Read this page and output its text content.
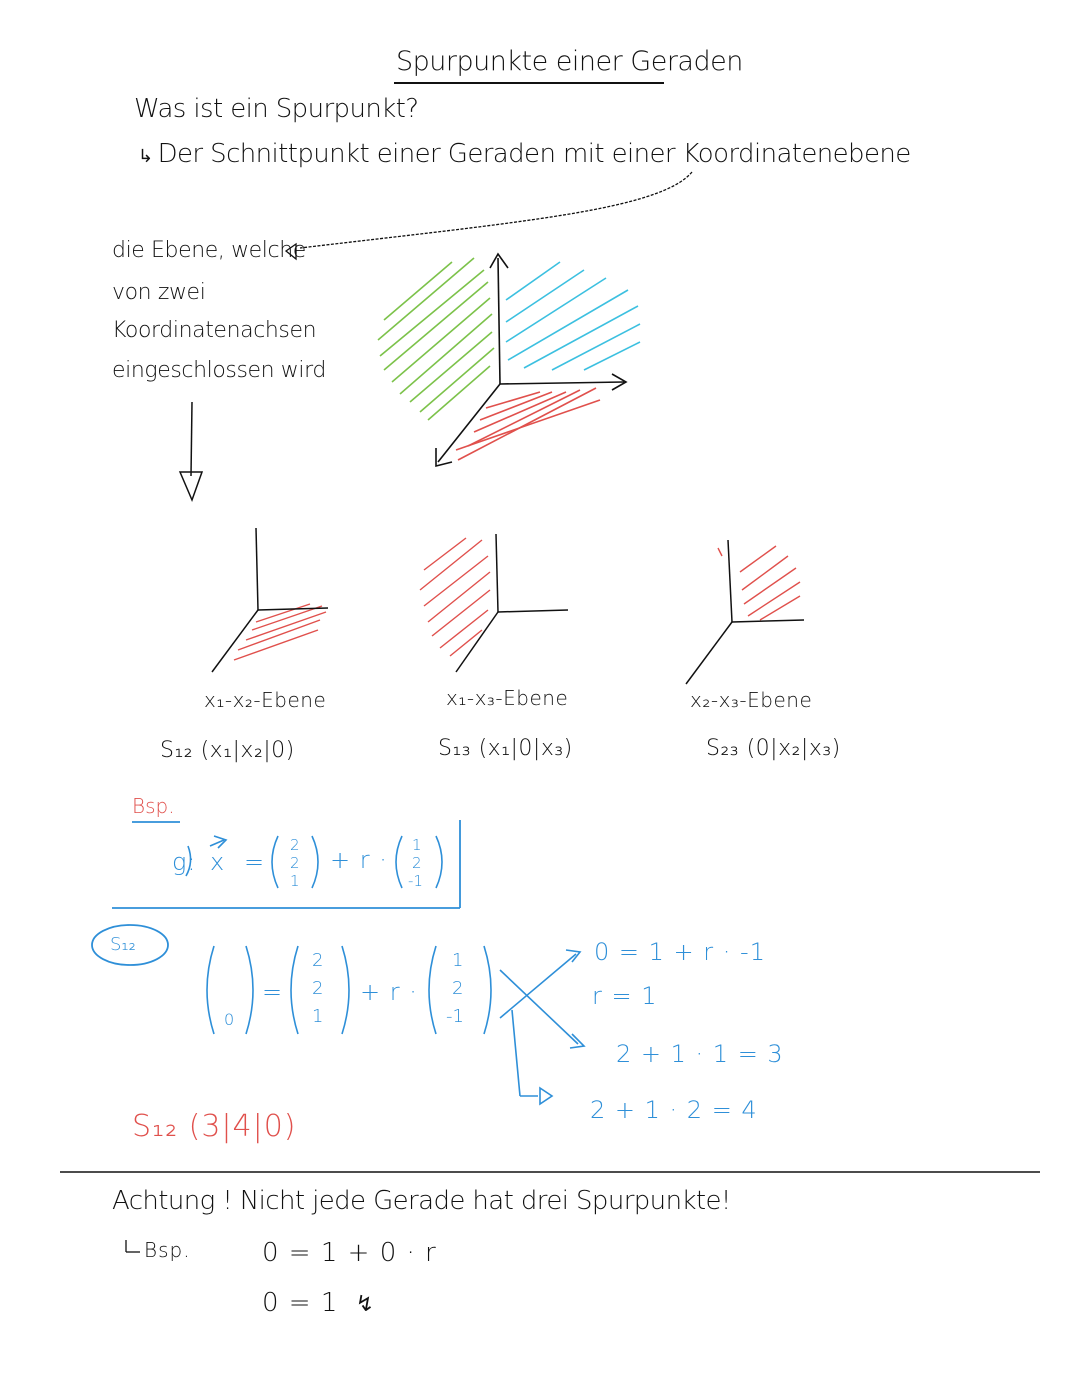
Spurpunkte einer Geraden
Was ist ein Spurpunkt?
↳ Der Schnittpunkt einer Geraden mit einer Koordinatenebene
die Ebene, welche
von zwei
Koordinatenachsen
eingeschlossen wird
x₁-x₂-Ebene	x₁-x₃-Ebene	x₂-x₃-Ebene
S₁₂ (x₁|x₂|0)	S₁₃ (x₁|0|x₃)	S₂₃ (0|x₂|x₃)
Bsp.
g: x =
2
2
1
+ r ·
1
2
-1
S₁₂
0
=
2
2
1
+ r ·
1
2
-1
0 = 1 + r · -1
r = 1
2 + 1 · 1 = 3
2 + 1 · 2 = 4
S₁₂ (3|4|0)
Achtung ! Nicht jede Gerade hat drei Spurpunkte!
Bsp.	0 = 1 + 0 · r
0 = 1 ↯
